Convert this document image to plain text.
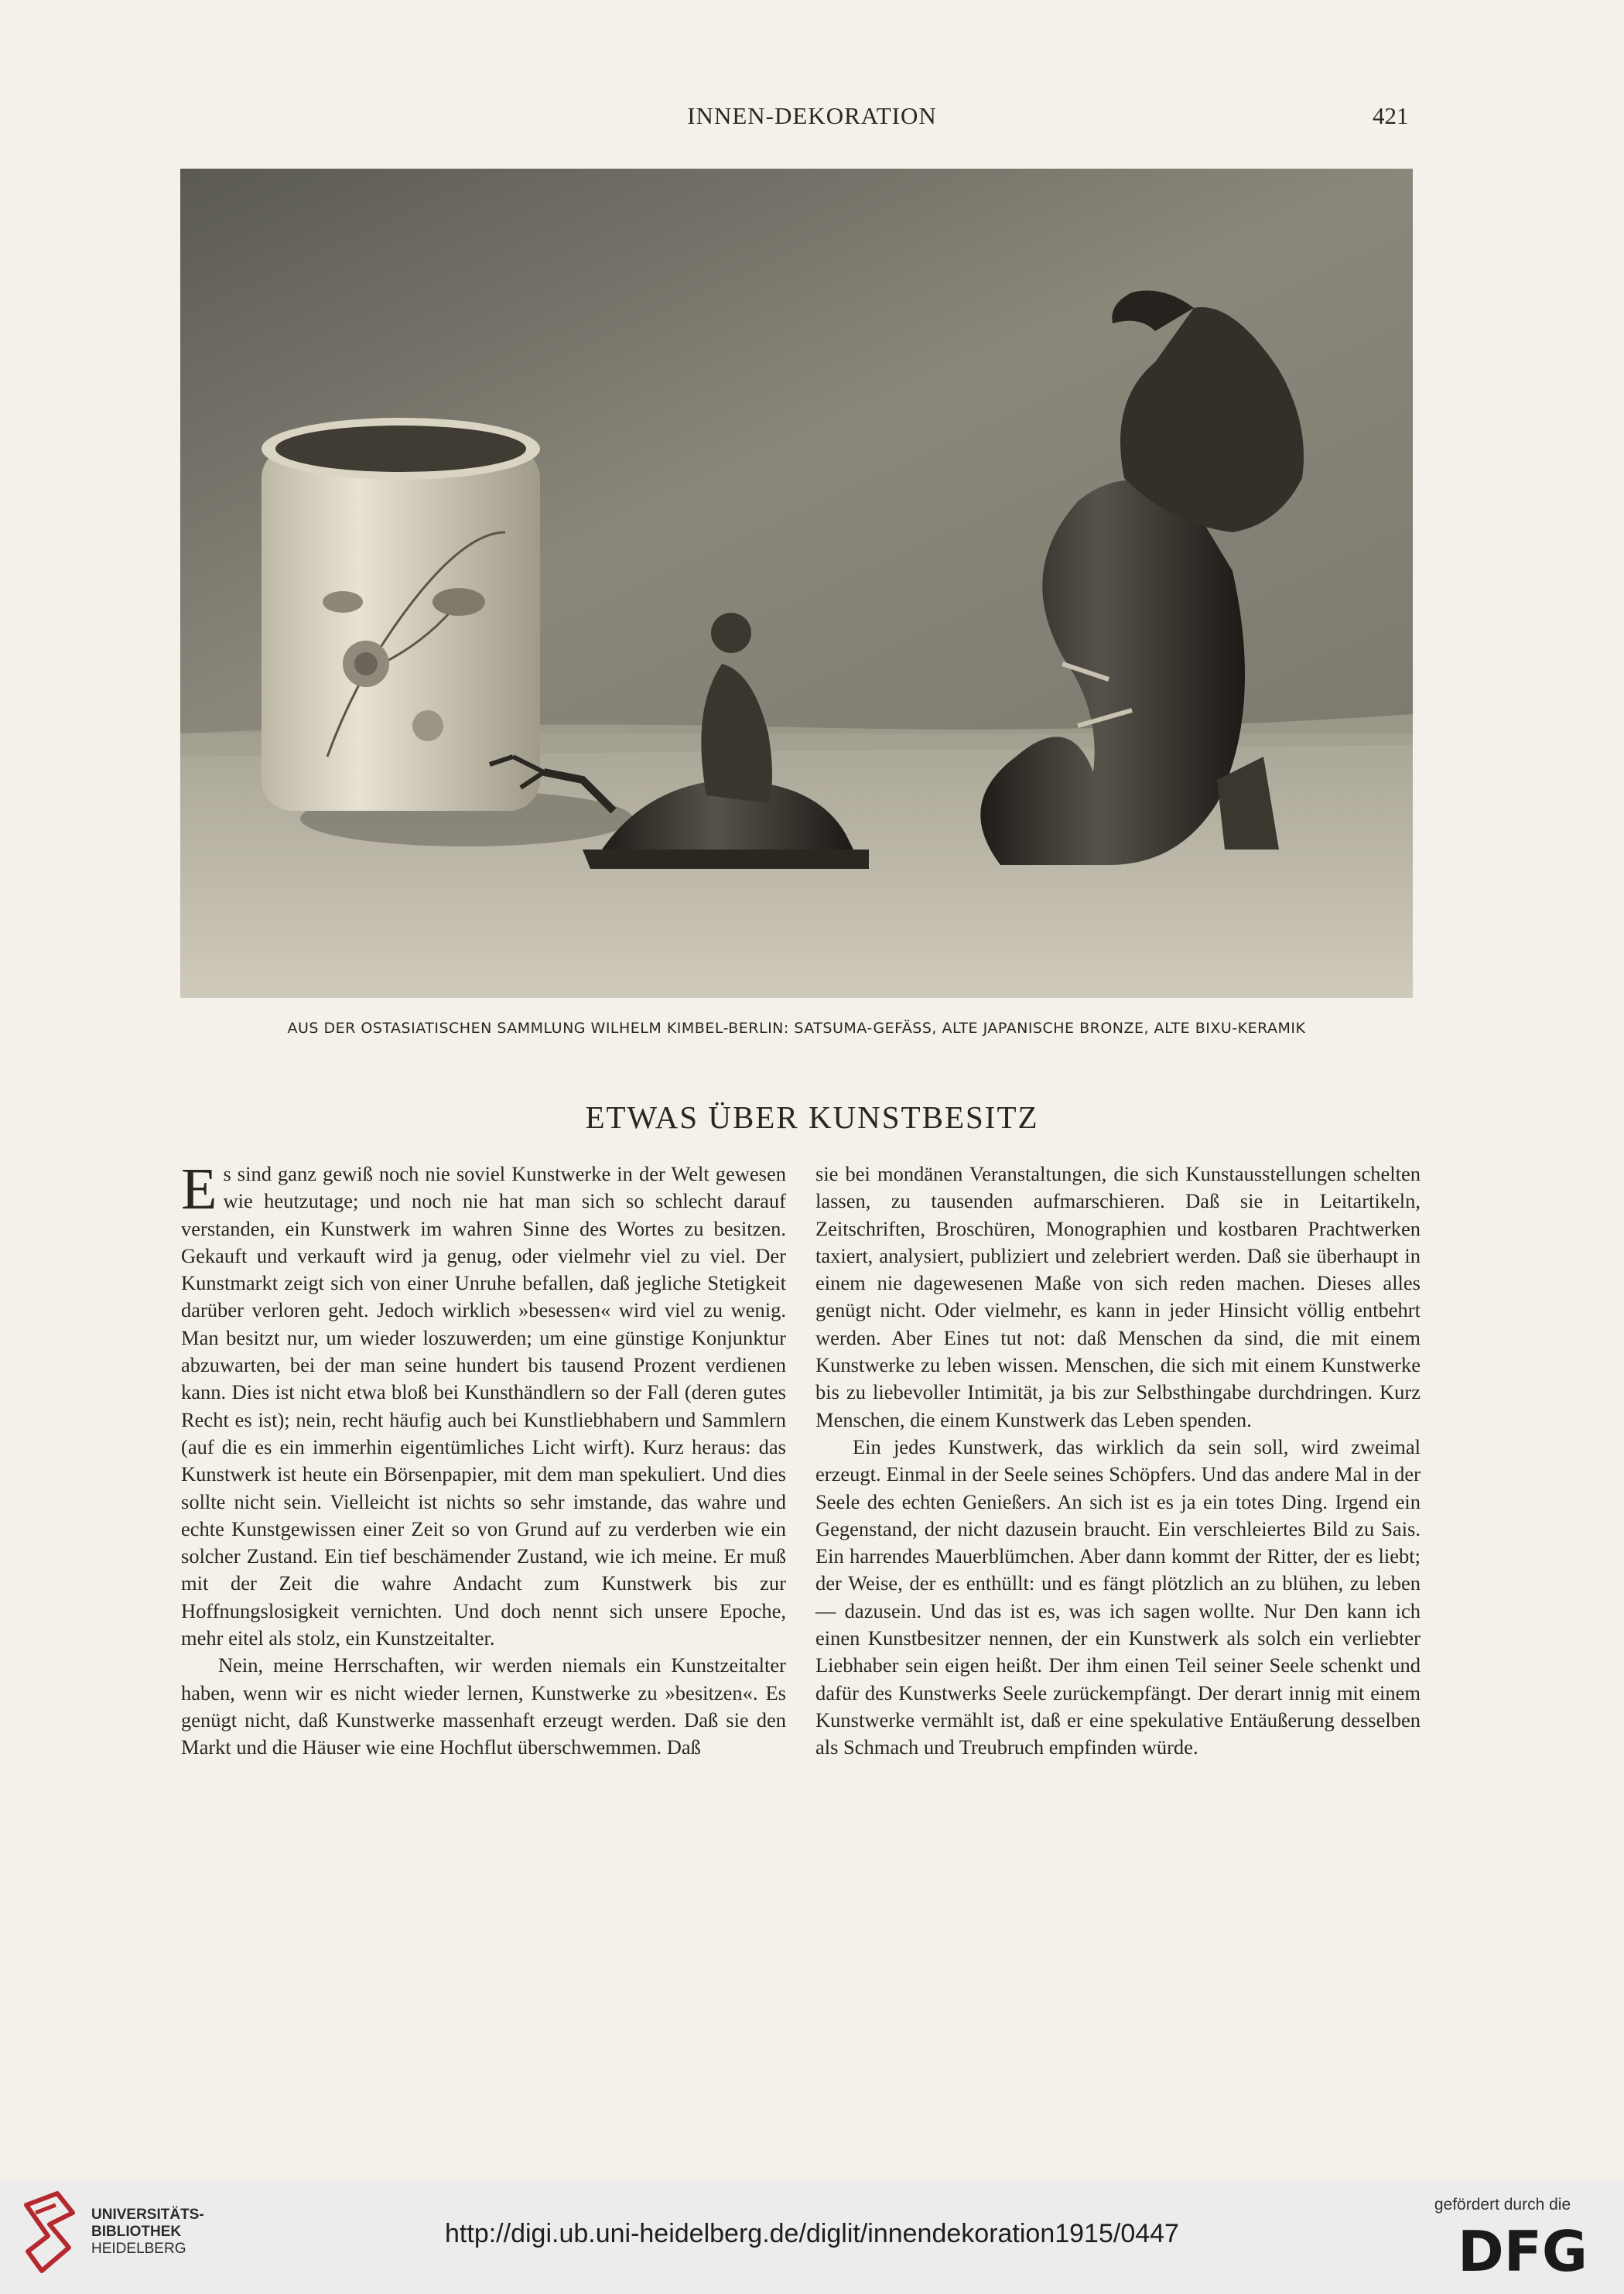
INNEN-DEKORATION	421
AUS DER OSTASIATISCHEN SAMMLUNG WILHELM KIMBEL-BERLIN: SATSUMA-GEFÄSS, ALTE JAPANISCHE BRONZE, ALTE BIXU-KERAMIK
ETWAS ÜBER KUNSTBESITZ

Es sind ganz gewiß noch nie soviel Kunstwerke in der Welt gewesen wie heutzutage; und noch nie hat man sich so schlecht darauf verstanden, ein Kunstwerk im wahren Sinne des Wortes zu besitzen. Gekauft und verkauft wird ja genug, oder vielmehr viel zu viel. Der Kunstmarkt zeigt sich von einer Unruhe befallen, daß jegliche Stetigkeit darüber verloren geht. Jedoch wirklich »besessen« wird viel zu wenig. Man besitzt nur, um wieder loszuwerden; um eine günstige Konjunktur abzuwarten, bei der man seine hundert bis tausend Prozent verdienen kann. Dies ist nicht etwa bloß bei Kunsthändlern so der Fall (deren gutes Recht es ist); nein, recht häufig auch bei Kunstliebhabern und Sammlern (auf die es ein immerhin eigentümliches Licht wirft). Kurz heraus: das Kunstwerk ist heute ein Börsenpapier, mit dem man spekuliert. Und dies sollte nicht sein. Vielleicht ist nichts so sehr imstande, das wahre und echte Kunstgewissen einer Zeit so von Grund auf zu verderben wie ein solcher Zustand. Ein tief beschämender Zustand, wie ich meine. Er muß mit der Zeit die wahre Andacht zum Kunstwerk bis zur Hoffnungslosigkeit vernichten. Und doch nennt sich unsere Epoche, mehr eitel als stolz, ein Kunstzeitalter.

Nein, meine Herrschaften, wir werden niemals ein Kunstzeitalter haben, wenn wir es nicht wieder lernen, Kunstwerke zu »besitzen«. Es genügt nicht, daß Kunstwerke massenhaft erzeugt werden. Daß sie den Markt und die Häuser wie eine Hochflut überschwemmen. Daß

sie bei mondänen Veranstaltungen, die sich Kunstausstellungen schelten lassen, zu tausenden aufmarschieren. Daß sie in Leitartikeln, Zeitschriften, Broschüren, Monographien und kostbaren Prachtwerken taxiert, analysiert, publiziert und zelebriert werden. Daß sie überhaupt in einem nie dagewesenen Maße von sich reden machen. Dieses alles genügt nicht. Oder vielmehr, es kann in jeder Hinsicht völlig entbehrt werden. Aber Eines tut not: daß Menschen da sind, die mit einem Kunstwerke zu leben wissen. Menschen, die sich mit einem Kunstwerke bis zu liebevoller Intimität, ja bis zur Selbsthingabe durchdringen. Kurz Menschen, die einem Kunstwerk das Leben spenden.

Ein jedes Kunstwerk, das wirklich da sein soll, wird zweimal erzeugt. Einmal in der Seele seines Schöpfers. Und das andere Mal in der Seele des echten Genießers. An sich ist es ja ein totes Ding. Irgend ein Gegenstand, der nicht dazusein braucht. Ein verschleiertes Bild zu Sais. Ein harrendes Mauerblümchen. Aber dann kommt der Ritter, der es liebt; der Weise, der es enthüllt: und es fängt plötzlich an zu blühen, zu leben — dazusein. Und das ist es, was ich sagen wollte. Nur Den kann ich einen Kunstbesitzer nennen, der ein Kunstwerk als solch ein verliebter Liebhaber sein eigen heißt. Der ihm einen Teil seiner Seele schenkt und dafür des Kunstwerks Seele zurückempfängt. Der derart innig mit einem Kunstwerke vermählt ist, daß er eine spekulative Entäußerung desselben als Schmach und Treubruch empfinden würde.

UNIVERSITÄTS-
BIBLIOTHEK
HEIDELBERG
http://digi.ub.uni-heidelberg.de/diglit/innendekoration1915/0447
gefördert durch die
DFG
